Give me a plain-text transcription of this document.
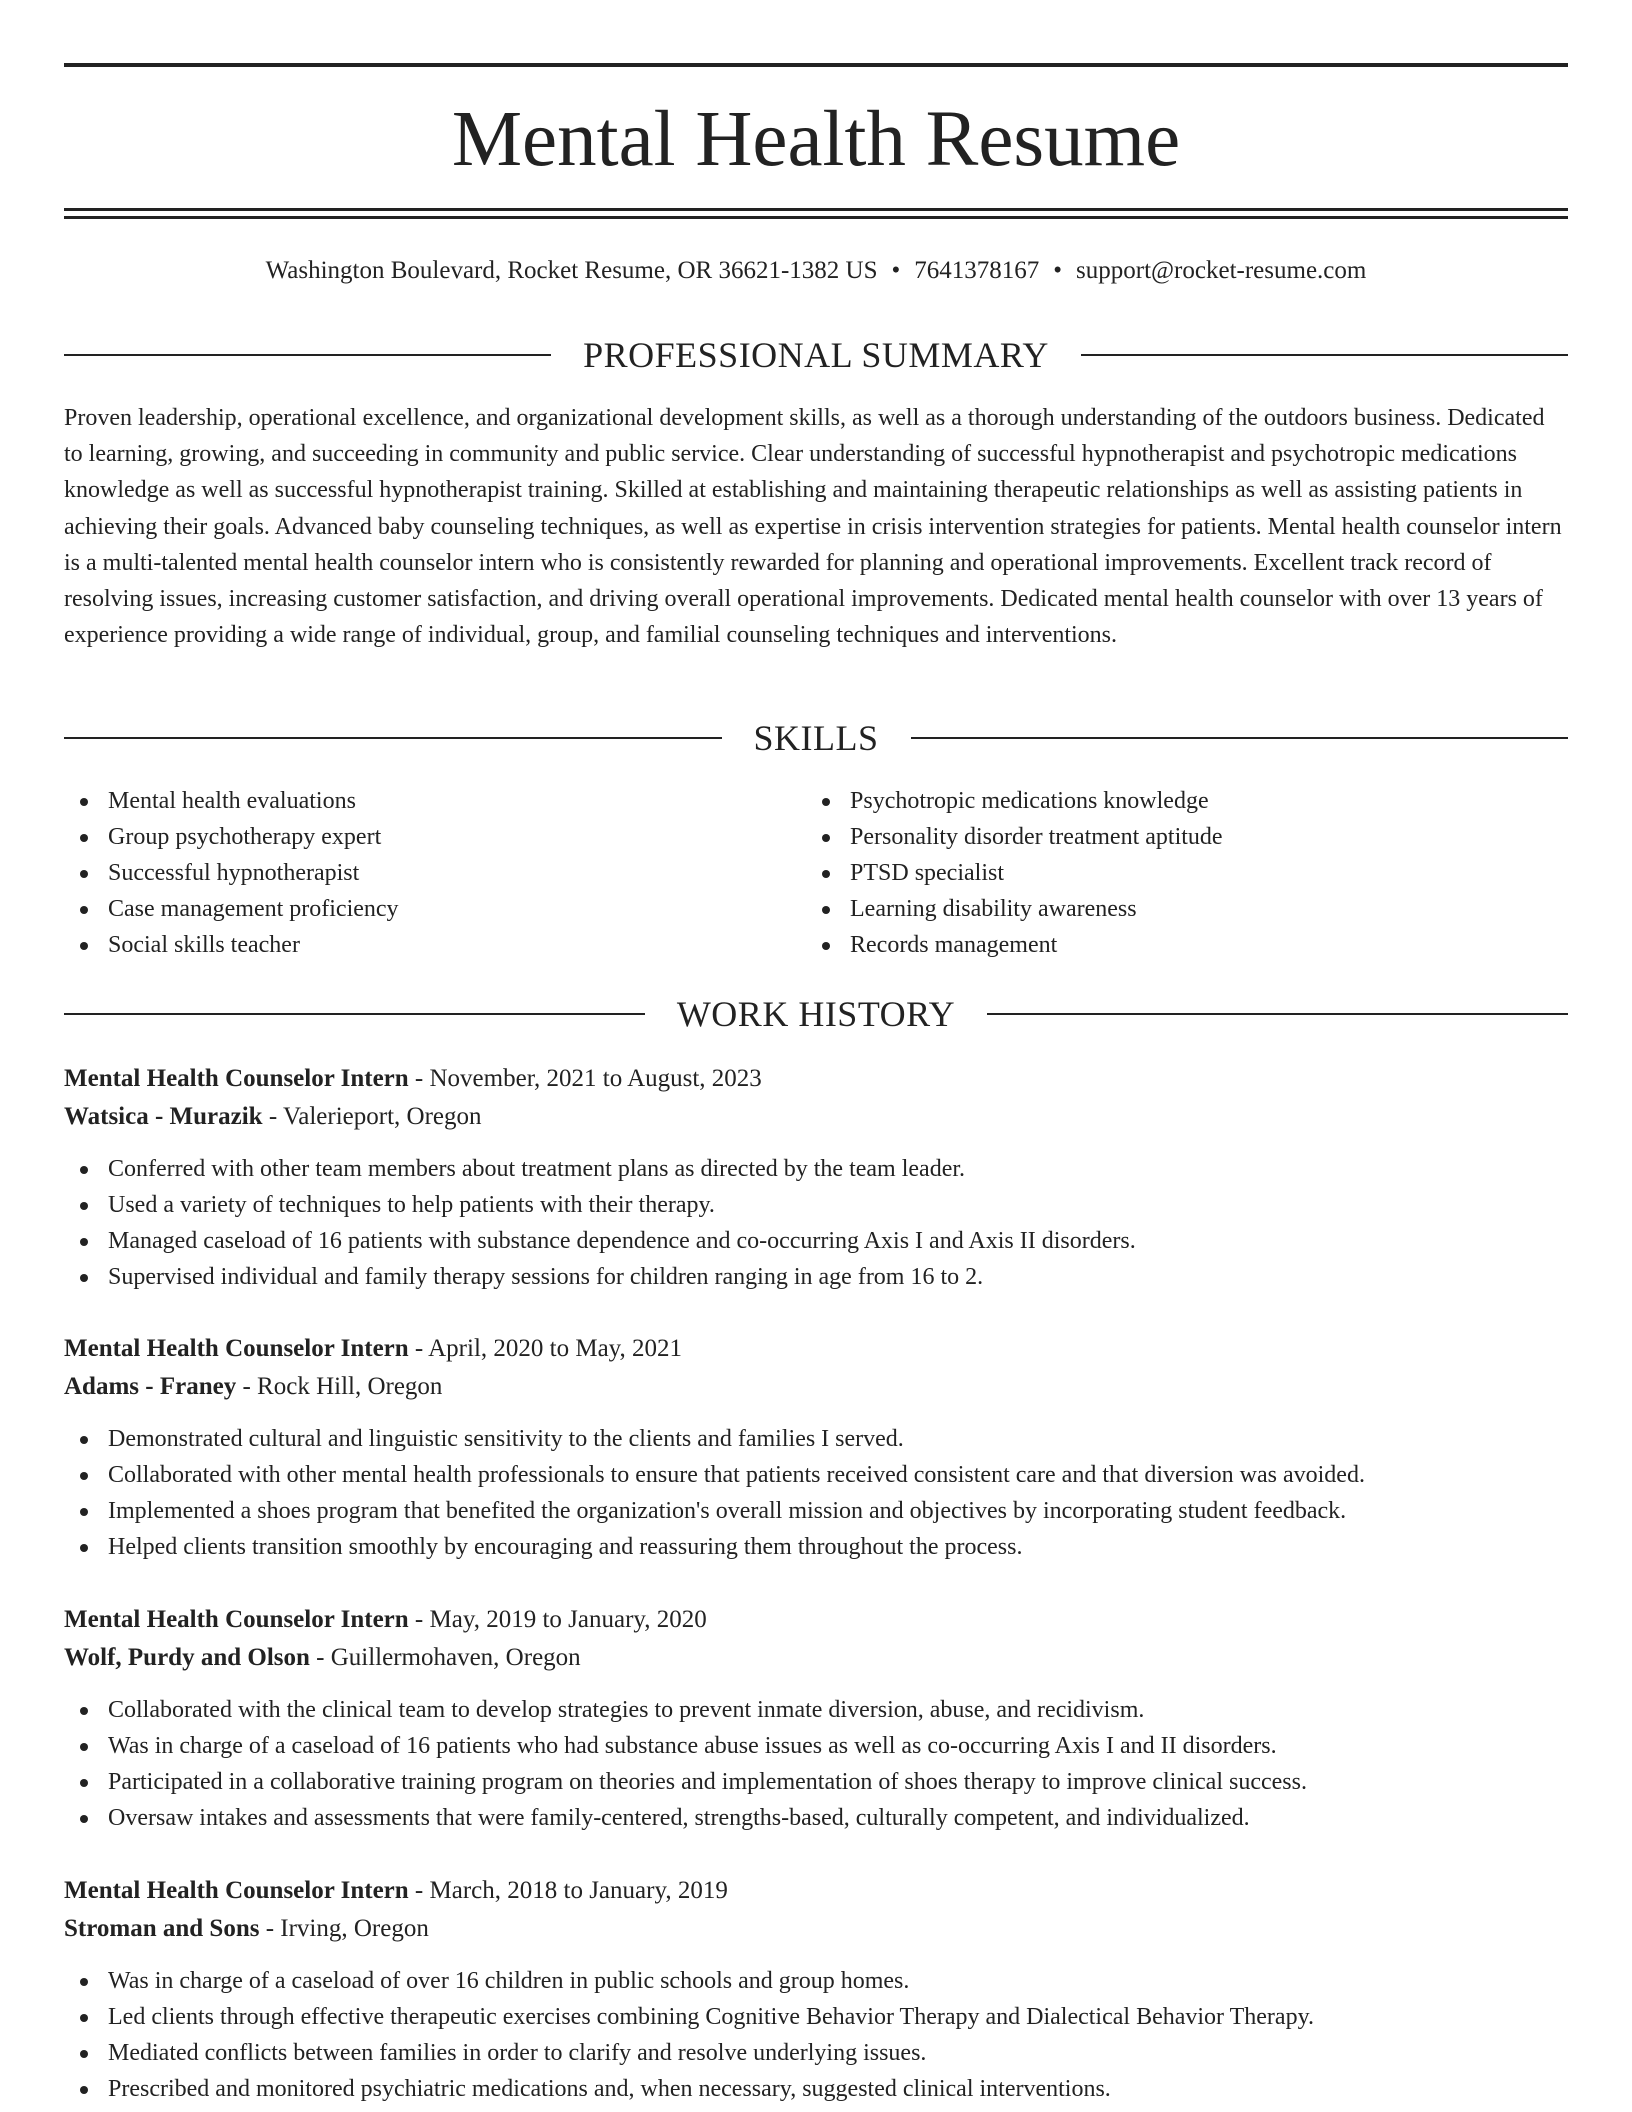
Mental Health Resume
Washington Boulevard, Rocket Resume, OR 36621-1382 US • 7641378167 • support@rocket-resume.com
PROFESSIONAL SUMMARY

Proven leadership, operational excellence, and organizational development skills, as well as a thorough understanding of the outdoors business. Dedicated to learning, growing, and succeeding in community and public service. Clear understanding of successful hypnotherapist and psychotropic medications knowledge as well as successful hypnotherapist training. Skilled at establishing and maintaining therapeutic relationships as well as assisting patients in achieving their goals. Advanced baby counseling techniques, as well as expertise in crisis intervention strategies for patients. Mental health counselor intern is a multi-talented mental health counselor intern who is consistently rewarded for planning and operational improvements. Excellent track record of resolving issues, increasing customer satisfaction, and driving overall operational improvements. Dedicated mental health counselor with over 13 years of experience providing a wide range of individual, group, and familial counseling techniques and interventions.

SKILLS
Mental health evaluations
Group psychotherapy expert
Successful hypnotherapist
Case management proficiency
Social skills teacher
Psychotropic medications knowledge
Personality disorder treatment aptitude
PTSD specialist
Learning disability awareness
Records management
WORK HISTORY
Mental Health Counselor Intern - November, 2021 to August, 2023
Watsica - Murazik - Valerieport, Oregon
Conferred with other team members about treatment plans as directed by the team leader.
Used a variety of techniques to help patients with their therapy.
Managed caseload of 16 patients with substance dependence and co-occurring Axis I and Axis II disorders.
Supervised individual and family therapy sessions for children ranging in age from 16 to 2.
Mental Health Counselor Intern - April, 2020 to May, 2021
Adams - Franey - Rock Hill, Oregon
Demonstrated cultural and linguistic sensitivity to the clients and families I served.
Collaborated with other mental health professionals to ensure that patients received consistent care and that diversion was avoided.
Implemented a shoes program that benefited the organization's overall mission and objectives by incorporating student feedback.
Helped clients transition smoothly by encouraging and reassuring them throughout the process.
Mental Health Counselor Intern - May, 2019 to January, 2020
Wolf, Purdy and Olson - Guillermohaven, Oregon
Collaborated with the clinical team to develop strategies to prevent inmate diversion, abuse, and recidivism.
Was in charge of a caseload of 16 patients who had substance abuse issues as well as co-occurring Axis I and II disorders.
Participated in a collaborative training program on theories and implementation of shoes therapy to improve clinical success.
Oversaw intakes and assessments that were family-centered, strengths-based, culturally competent, and individualized.
Mental Health Counselor Intern - March, 2018 to January, 2019
Stroman and Sons - Irving, Oregon
Was in charge of a caseload of over 16 children in public schools and group homes.
Led clients through effective therapeutic exercises combining Cognitive Behavior Therapy and Dialectical Behavior Therapy.
Mediated conflicts between families in order to clarify and resolve underlying issues.
Prescribed and monitored psychiatric medications and, when necessary, suggested clinical interventions.
